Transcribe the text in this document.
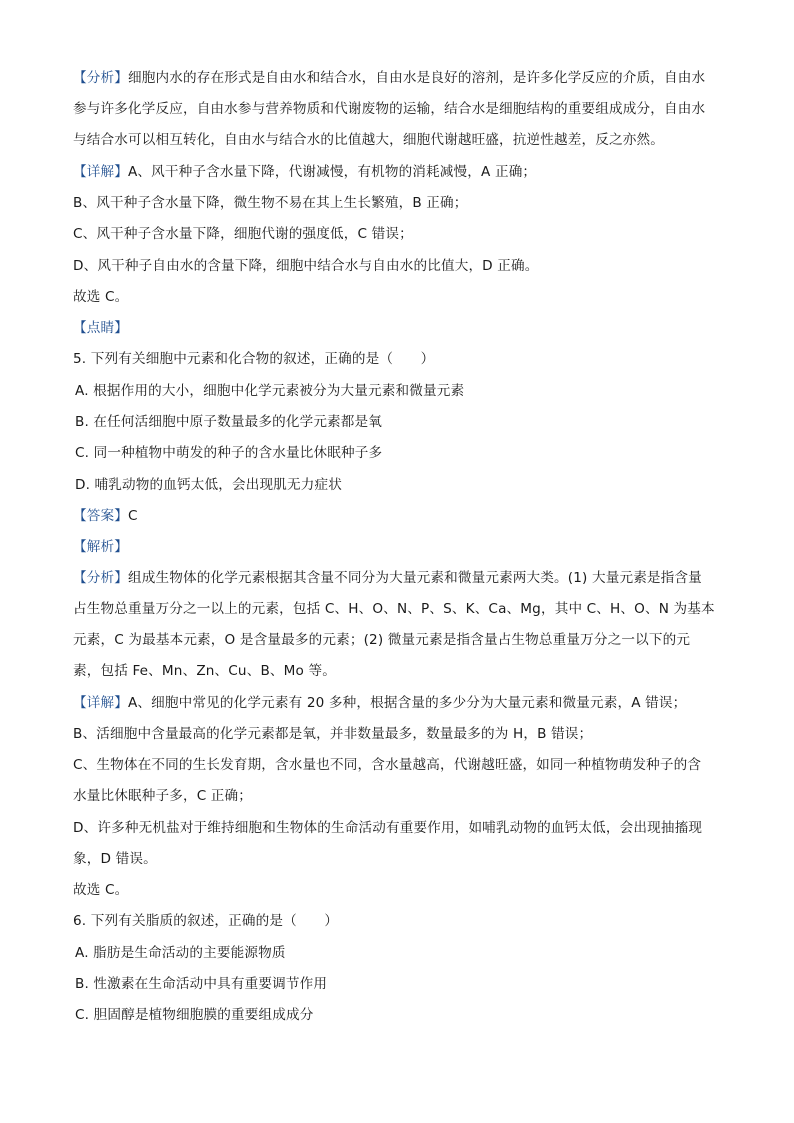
【分析】细胞内水的存在形式是自由水和结合水，自由水是良好的溶剂，是许多化学反应的介质，自由水
参与许多化学反应，自由水参与营养物质和代谢废物的运输，结合水是细胞结构的重要组成成分，自由水
与结合水可以相互转化，自由水与结合水的比值越大，细胞代谢越旺盛，抗逆性越差，反之亦然。
【详解】A、风干种子含水量下降，代谢减慢，有机物的消耗减慢，A 正确；
B、风干种子含水量下降，微生物不易在其上生长繁殖，B 正确；
C、风干种子含水量下降，细胞代谢的强度低，C 错误；
D、风干种子自由水的含量下降，细胞中结合水与自由水的比值大，D 正确。
故选 C。
【点睛】
5. 下列有关细胞中元素和化合物的叙述，正确的是（　　）
A. 根据作用的大小，细胞中化学元素被分为大量元素和微量元素
B. 在任何活细胞中原子数量最多的化学元素都是氧
C. 同一种植物中萌发的种子的含水量比休眠种子多
D. 哺乳动物的血钙太低，会出现肌无力症状
【答案】C
【解析】
【分析】组成生物体的化学元素根据其含量不同分为大量元素和微量元素两大类。(1) 大量元素是指含量
占生物总重量万分之一以上的元素，包括 C、H、O、N、P、S、K、Ca、Mg，其中 C、H、O、N 为基本
元素，C 为最基本元素，O 是含量最多的元素；(2) 微量元素是指含量占生物总重量万分之一以下的元
素，包括 Fe、Mn、Zn、Cu、B、Mo 等。
【详解】A、细胞中常见的化学元素有 20 多种，根据含量的多少分为大量元素和微量元素，A 错误；
B、活细胞中含量最高的化学元素都是氧，并非数量最多，数量最多的为 H，B 错误；
C、生物体在不同的生长发育期，含水量也不同，含水量越高，代谢越旺盛，如同一种植物萌发种子的含
水量比休眠种子多，C 正确；
D、许多种无机盐对于维持细胞和生物体的生命活动有重要作用，如哺乳动物的血钙太低，会出现抽搐现
象，D 错误。
故选 C。
6. 下列有关脂质的叙述，正确的是（　　）
A. 脂肪是生命活动的主要能源物质
B. 性激素在生命活动中具有重要调节作用
C. 胆固醇是植物细胞膜的重要组成成分
